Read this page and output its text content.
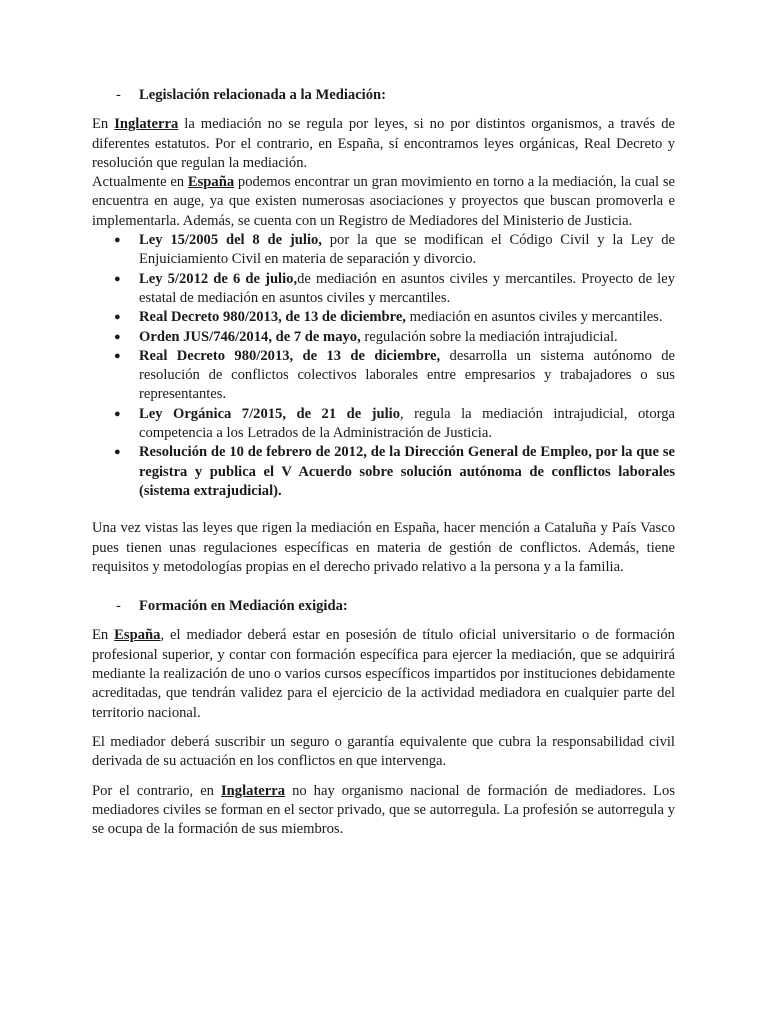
- Legislación relacionada a la Mediación:

En Inglaterra la mediación no se regula por leyes, si no por distintos organismos, a través de diferentes estatutos. Por el contrario, en España, sí encontramos leyes orgánicas, Real Decreto y resolución que regulan la mediación.

Actualmente en España podemos encontrar un gran movimiento en torno a la mediación, la cual se encuentra en auge, ya que existen numerosas asociaciones y proyectos que buscan promoverla e implementarla. Además, se cuenta con un Registro de Mediadores del Ministerio de Justicia.

● Ley 15/2005 del 8 de julio, por la que se modifican el Código Civil y la Ley de Enjuiciamiento Civil en materia de separación y divorcio.
● Ley 5/2012 de 6 de julio,de mediación en asuntos civiles y mercantiles. Proyecto de ley estatal de mediación en asuntos civiles y mercantiles.
● Real Decreto 980/2013, de 13 de diciembre, mediación en asuntos civiles y mercantiles.
● Orden JUS/746/2014, de 7 de mayo, regulación sobre la mediación intrajudicial.
● Real Decreto 980/2013, de 13 de diciembre, desarrolla un sistema autónomo de resolución de conflictos colectivos laborales entre empresarios y trabajadores o sus representantes.
● Ley Orgánica 7/2015, de 21 de julio, regula la mediación intrajudicial, otorga competencia a los Letrados de la Administración de Justicia.
● Resolución de 10 de febrero de 2012, de la Dirección General de Empleo, por la que se registra y publica el V Acuerdo sobre solución autónoma de conflictos laborales (sistema extrajudicial).

Una vez vistas las leyes que rigen la mediación en España, hacer mención a Cataluña y País Vasco pues tienen unas regulaciones específicas en materia de gestión de conflictos. Además, tiene requisitos y metodologías propias en el derecho privado relativo a la persona y a la familia.

- Formación en Mediación exigida:

En España, el mediador deberá estar en posesión de título oficial universitario o de formación profesional superior, y contar con formación específica para ejercer la mediación, que se adquirirá mediante la realización de uno o varios cursos específicos impartidos por instituciones debidamente acreditadas, que tendrán validez para el ejercicio de la actividad mediadora en cualquier parte del territorio nacional.

El mediador deberá suscribir un seguro o garantía equivalente que cubra la responsabilidad civil derivada de su actuación en los conflictos en que intervenga.

Por el contrario, en Inglaterra no hay organismo nacional de formación de mediadores. Los mediadores civiles se forman en el sector privado, que se autorregula. La profesión se autorregula y se ocupa de la formación de sus miembros.
